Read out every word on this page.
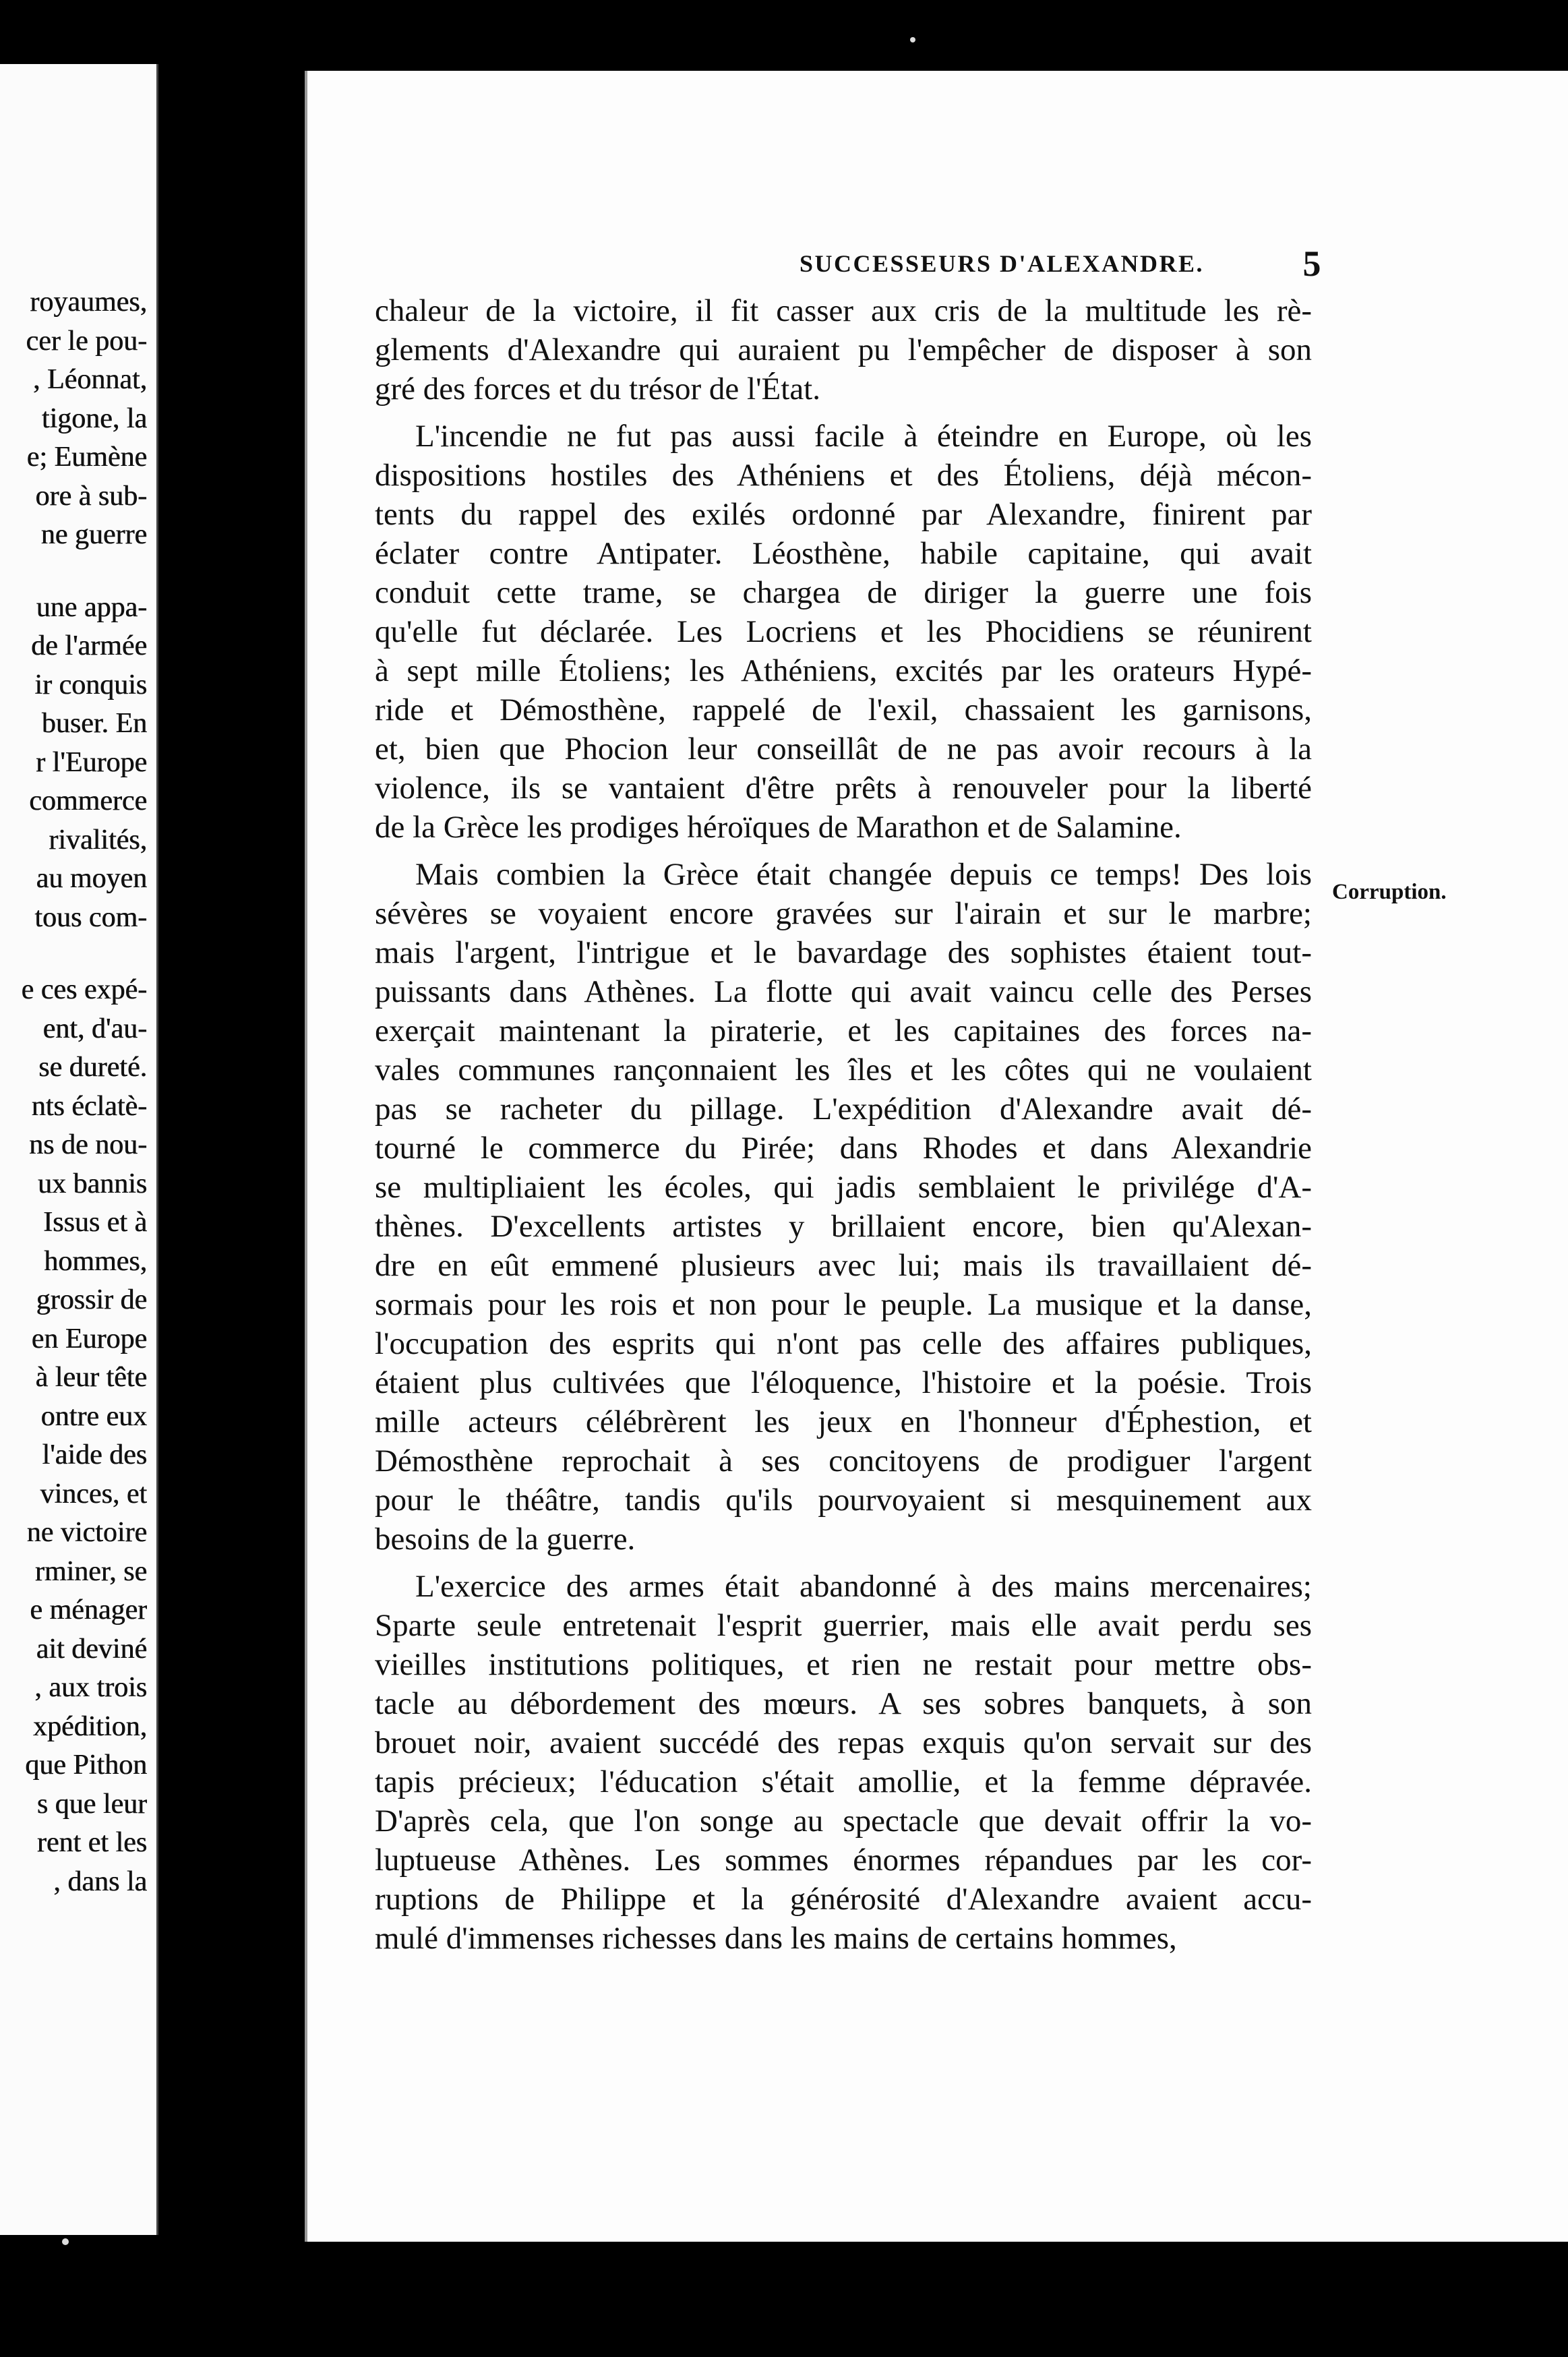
royaumes,
cer le pou-
, Léonnat,
tigone, la
e; Eumène
ore à sub-
ne guerre
une appa-
de l'armée
ir conquis
buser. En
r l'Europe
commerce
rivalités,
au moyen
tous com-
e ces expé-
ent, d'au-
se dureté.
nts éclatè-
ns de nou-
ux bannis
Issus et à
hommes,
grossir de
en Europe
à leur tête
ontre eux
l'aide des
vinces, et
ne victoire
rminer, se
e ménager
ait deviné
, aux trois
xpédition,
que Pithon
s que leur
rent et les
, dans la
SUCCESSEURS D'ALEXANDRE.	5
chaleur de la victoire, il fit casser aux cris de la multitude les rè-
glements d'Alexandre qui auraient pu l'empêcher de disposer à son
gré des forces et du trésor de l'État.
L'incendie ne fut pas aussi facile à éteindre en Europe, où les
dispositions hostiles des Athéniens et des Étoliens, déjà mécon-
tents du rappel des exilés ordonné par Alexandre, finirent par
éclater contre Antipater. Léosthène, habile capitaine, qui avait
conduit cette trame, se chargea de diriger la guerre une fois
qu'elle fut déclarée. Les Locriens et les Phocidiens se réunirent
à sept mille Étoliens; les Athéniens, excités par les orateurs Hypé-
ride et Démosthène, rappelé de l'exil, chassaient les garnisons,
et, bien que Phocion leur conseillât de ne pas avoir recours à la
violence, ils se vantaient d'être prêts à renouveler pour la liberté
de la Grèce les prodiges héroïques de Marathon et de Salamine.
Mais combien la Grèce était changée depuis ce temps! Des lois
sévères se voyaient encore gravées sur l'airain et sur le marbre;
mais l'argent, l'intrigue et le bavardage des sophistes étaient tout-
puissants dans Athènes. La flotte qui avait vaincu celle des Perses
exerçait maintenant la piraterie, et les capitaines des forces na-
vales communes rançonnaient les îles et les côtes qui ne voulaient
pas se racheter du pillage. L'expédition d'Alexandre avait dé-
tourné le commerce du Pirée; dans Rhodes et dans Alexandrie
se multipliaient les écoles, qui jadis semblaient le privilége d'A-
thènes. D'excellents artistes y brillaient encore, bien qu'Alexan-
dre en eût emmené plusieurs avec lui; mais ils travaillaient dé-
sormais pour les rois et non pour le peuple. La musique et la danse,
l'occupation des esprits qui n'ont pas celle des affaires publiques,
étaient plus cultivées que l'éloquence, l'histoire et la poésie. Trois
mille acteurs célébrèrent les jeux en l'honneur d'Éphestion, et
Démosthène reprochait à ses concitoyens de prodiguer l'argent
pour le théâtre, tandis qu'ils pourvoyaient si mesquinement aux
besoins de la guerre.
L'exercice des armes était abandonné à des mains mercenaires;
Sparte seule entretenait l'esprit guerrier, mais elle avait perdu ses
vieilles institutions politiques, et rien ne restait pour mettre obs-
tacle au débordement des mœurs. A ses sobres banquets, à son
brouet noir, avaient succédé des repas exquis qu'on servait sur des
tapis précieux; l'éducation s'était amollie, et la femme dépravée.
D'après cela, que l'on songe au spectacle que devait offrir la vo-
luptueuse Athènes. Les sommes énormes répandues par les cor-
ruptions de Philippe et la générosité d'Alexandre avaient accu-
mulé d'immenses richesses dans les mains de certains hommes,
Corruption.
